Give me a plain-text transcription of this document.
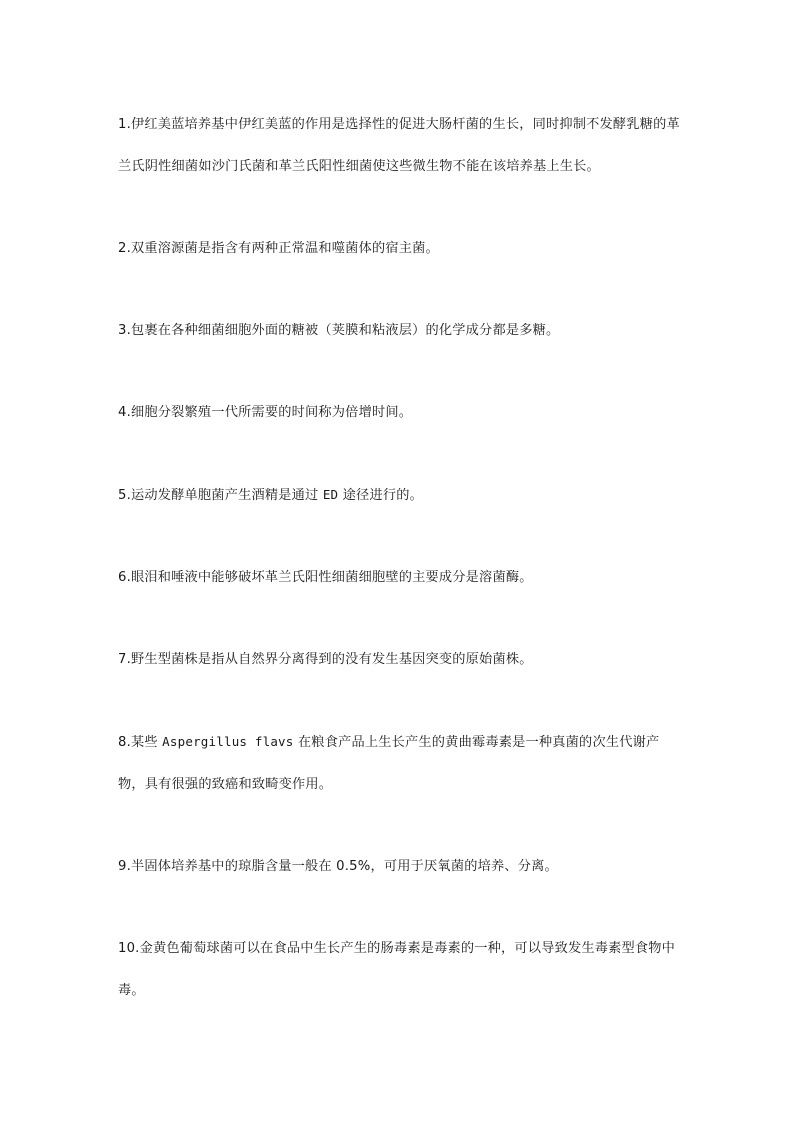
1.伊红美蓝培养基中伊红美蓝的作用是选择性的促进大肠杆菌的生长，同时抑制不发酵乳糖的革兰氏阴性细菌如沙门氏菌和革兰氏阳性细菌使这些微生物不能在该培养基上生长。

2.双重溶源菌是指含有两种正常温和噬菌体的宿主菌。

3.包裹在各种细菌细胞外面的糖被（荚膜和粘液层）的化学成分都是多糖。

4.细胞分裂繁殖一代所需要的时间称为倍增时间。

5.运动发酵单胞菌产生酒精是通过 ED 途径进行的。

6.眼泪和唾液中能够破坏革兰氏阳性细菌细胞壁的主要成分是溶菌酶。

7.野生型菌株是指从自然界分离得到的没有发生基因突变的原始菌株。

8.某些 Aspergillus flavs 在粮食产品上生长产生的黄曲霉毒素是一种真菌的次生代谢产物，具有很强的致癌和致畸变作用。

9.半固体培养基中的琼脂含量一般在 0.5%，可用于厌氧菌的培养、分离。

10.金黄色葡萄球菌可以在食品中生长产生的肠毒素是毒素的一种，可以导致发生毒素型食物中毒。
